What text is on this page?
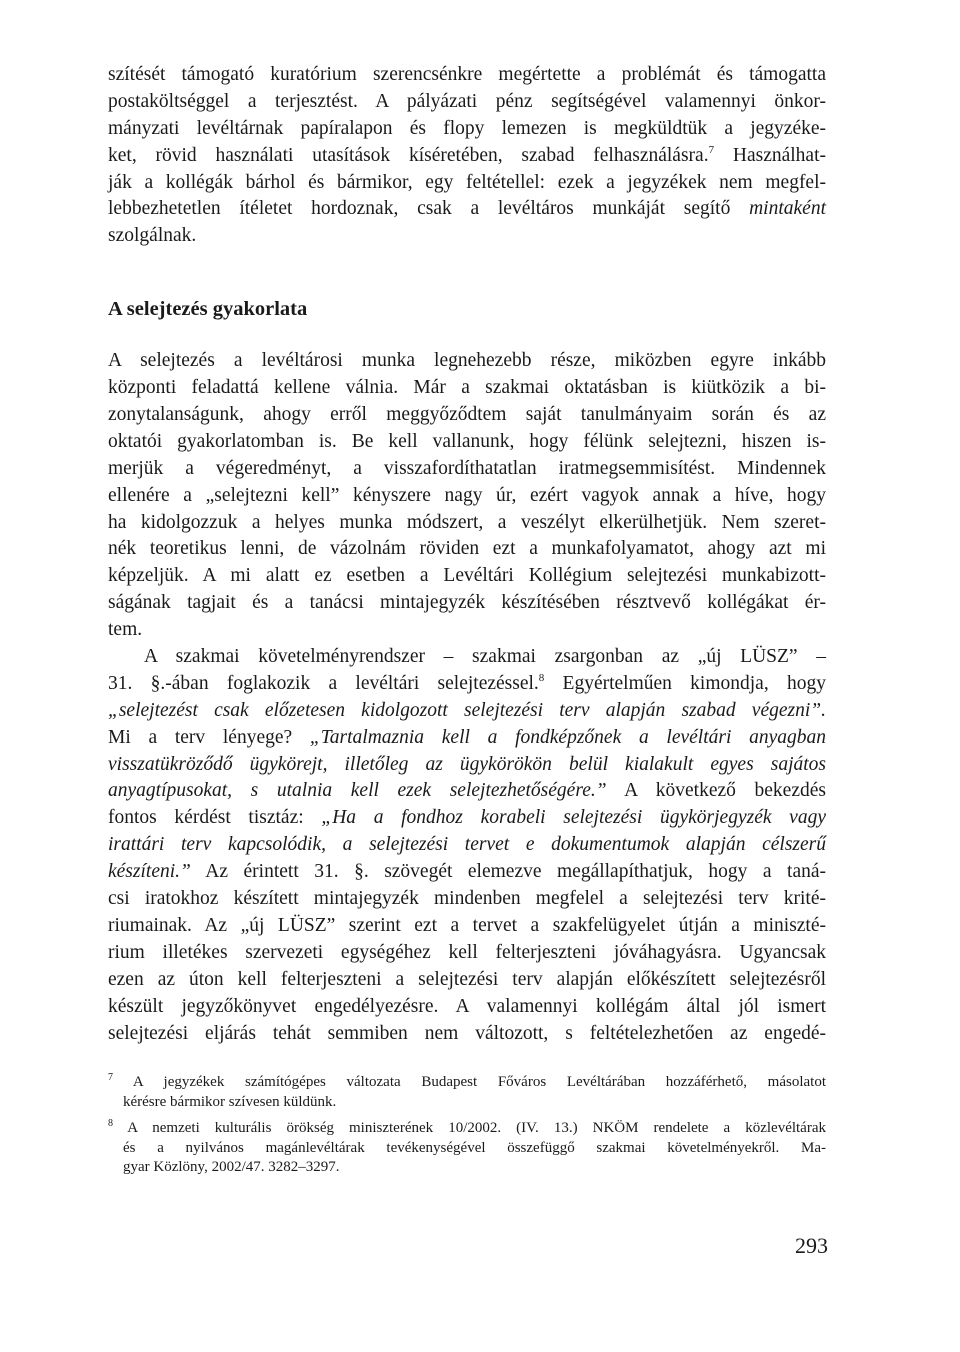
szítését támogató kuratórium szerencsénkre megértette a problémát és támogatta
postaköltséggel a terjesztést. A pályázati pénz segítségével valamennyi önkor-
mányzati levéltárnak papíralapon és flopy lemezen is megküldtük a jegyzéke-
ket, rövid használati utasítások kíséretében, szabad felhasználásra.$^7$ Használhat-
ják a kollégák bárhol és bármikor, egy feltétellel: ezek a jegyzékek nem megfel-
lebbezhetetlen ítéletet hordoznak, csak a levéltáros munkáját segítő mintaként
szolgálnak.
A selejtezés gyakorlata
A selejtezés a levéltárosi munka legnehezebb része, miközben egyre inkább
központi feladattá kellene válnia. Már a szakmai oktatásban is kiütközik a bi-
zonytalanságunk, ahogy erről meggyőződtem saját tanulmányaim során és az
oktatói gyakorlatomban is. Be kell vallanunk, hogy félünk selejtezni, hiszen is-
merjük a végeredményt, a visszafordíthatatlan iratmegsemmisítést. Mindennek
ellenére a „selejtezni kell” kényszere nagy úr, ezért vagyok annak a híve, hogy
ha kidolgozzuk a helyes munka módszert, a veszélyt elkerülhetjük. Nem szeret-
nék teoretikus lenni, de vázolnám röviden ezt a munkafolyamatot, ahogy azt mi
képzeljük. A mi alatt ez esetben a Levéltári Kollégium selejtezési munkabizott-
ságának tagjait és a tanácsi mintajegyzék készítésében résztvevő kollégákat ér-
tem.
A szakmai követelményrendszer – szakmai zsargonban az „új LÜSZ” –
31. §.-ában foglakozik a levéltári selejtezéssel.$^8$ Egyértelműen kimondja, hogy
„selejtezést csak előzetesen kidolgozott selejtezési terv alapján szabad végezni”.
Mi a terv lényege? „Tartalmaznia kell a fondképzőnek a levéltári anyagban
visszatükröződő ügykörejt, illetőleg az ügykörökön belül kialakult egyes sajátos
anyagtípusokat, s utalnia kell ezek selejtezhetőségére.” A következő bekezdés
fontos kérdést tisztáz: „Ha a fondhoz korabeli selejtezési ügykörjegyzék vagy
irattári terv kapcsolódik, a selejtezési tervet e dokumentumok alapján célszerű
készíteni.” Az érintett 31. §. szövegét elemezve megállapíthatjuk, hogy a taná-
csi iratokhoz készített mintajegyzék mindenben megfelel a selejtezési terv krité-
riumainak. Az „új LÜSZ” szerint ezt a tervet a szakfelügyelet útján a miniszté-
rium illetékes szervezeti egységéhez kell felterjeszteni jóváhagyásra. Ugyancsak
ezen az úton kell felterjeszteni a selejtezési terv alapján előkészített selejtezésről
készült jegyzőkönyvet engedélyezésre. A valamennyi kollégám által jól ismert
selejtezési eljárás tehát semmiben nem változott, s feltételezhetően az engedé-
$^7$ A jegyzékek számítógépes változata Budapest Főváros Levéltárában hozzáférhető, másolatot
kérésre bármikor szívesen küldünk.
$^8$ A nemzeti kulturális örökség miniszterének 10/2002. (IV. 13.) NKÖM rendelete a közlevéltárak
és a nyilvános magánlevéltárak tevékenységével összefüggő szakmai követelményekről. Ma-
gyar Közlöny, 2002/47. 3282–3297.
293
